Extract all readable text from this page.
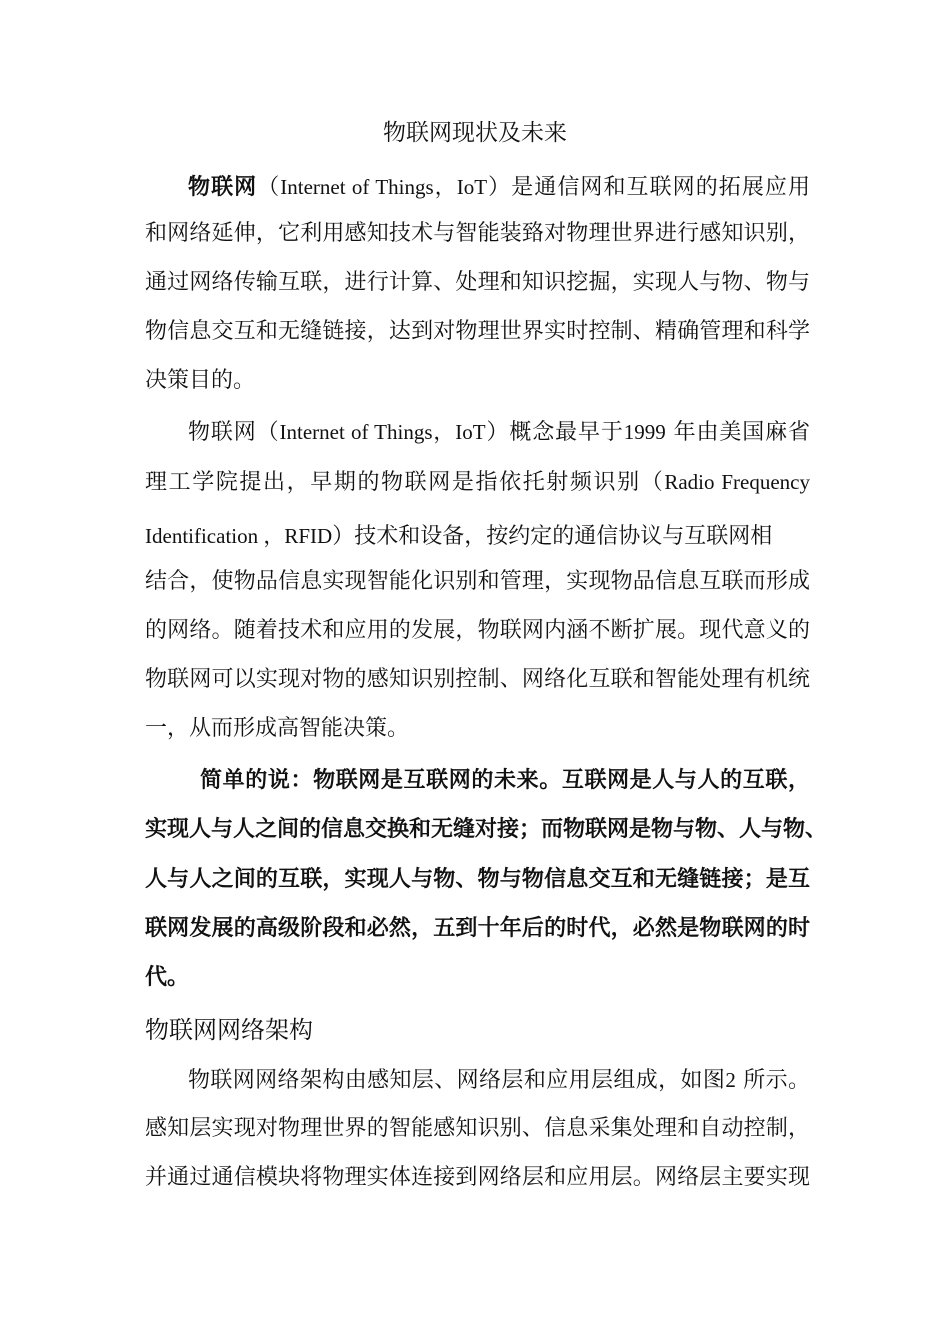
物联网现状及未来
物联网（Internet of Things，IoT）是通信网和互联网的拓展应用
和网络延伸，它利用感知技术与智能装臵对物理世界进行感知识别，
通过网络传输互联，进行计算、处理和知识挖掘，实现人与物、物与
物信息交互和无缝链接，达到对物理世界实时控制、精确管理和科学
决策目的。
物联网（Internet of Things，IoT）概念最早于1999 年由美国麻省
理工学院提出，早期的物联网是指依托射频识别（Radio Frequency
Identification ，RFID）技术和设备，按约定的通信协议与互联网相
结合，使物品信息实现智能化识别和管理，实现物品信息互联而形成
的网络。随着技术和应用的发展，物联网内涵不断扩展。现代意义的
物联网可以实现对物的感知识别控制、网络化互联和智能处理有机统
一，从而形成高智能决策。
简单的说：物联网是互联网的未来。互联网是人与人的互联，
实现人与人之间的信息交换和无缝对接；而物联网是物与物、人与物、
人与人之间的互联，实现人与物、物与物信息交互和无缝链接；是互
联网发展的高级阶段和必然，五到十年后的时代，必然是物联网的时
代。
物联网网络架构
物联网网络架构由感知层、网络层和应用层组成，如图2 所示。
感知层实现对物理世界的智能感知识别、信息采集处理和自动控制，
并通过通信模块将物理实体连接到网络层和应用层。网络层主要实现
